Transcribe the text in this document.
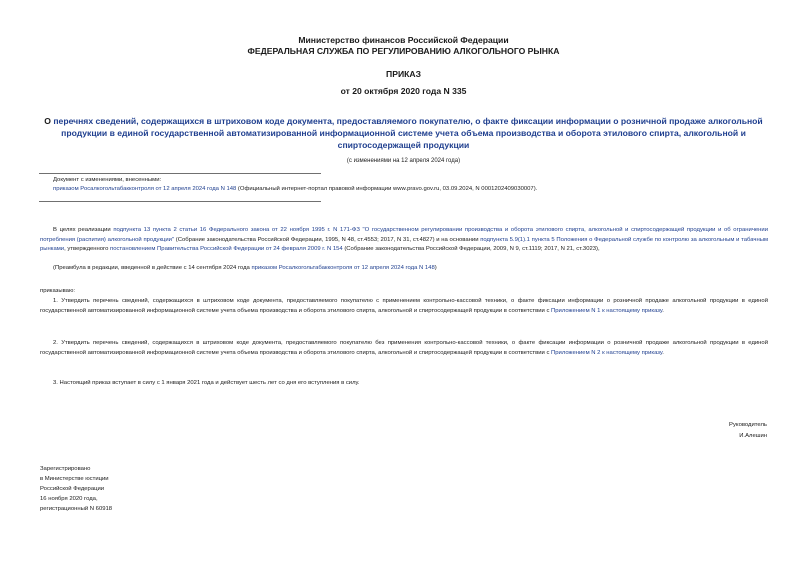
Министерство финансов Российской Федерации
ФЕДЕРАЛЬНАЯ СЛУЖБА ПО РЕГУЛИРОВАНИЮ АЛКОГОЛЬНОГО РЫНКА
ПРИКАЗ
от 20 октября 2020 года N 335
О перечнях сведений, содержащихся в штриховом коде документа, предоставляемого покупателю, о факте фиксации информации о розничной продаже алкогольной продукции в единой государственной автоматизированной информационной системе учета объема производства и оборота этилового спирта, алкогольной и спиртосодержащей продукции
(с изменениями на 12 апреля 2024 года)
Документ с изменениями, внесенными:
приказом Росалкогольтабакконтроля от 12 апреля 2024 года N 148 (Официальный интернет-портал правовой информации www.pravo.gov.ru, 03.09.2024, N 0001202409030007).
В целях реализации подпункта 13 пункта 2 статьи 16 Федерального закона от 22 ноября 1995 г. N 171-ФЗ "О государственном регулировании производства и оборота этилового спирта, алкогольной и спиртосодержащей продукции и об ограничении потребления (распития) алкогольной продукции" (Собрание законодательства Российской Федерации, 1995, N 48, ст.4553; 2017, N 31, ст.4827) и на основании подпункта 5.9(1).1 пункта 5 Положения о Федеральной службе по контролю за алкогольным и табачным рынками, утвержденного постановлением Правительства Российской Федерации от 24 февраля 2009 г. N 154 (Собрание законодательства Российской Федерации, 2009, N 9, ст.1119; 2017, N 21, ст.3023),
(Преамбула в редакции, введенной в действие с 14 сентября 2024 года приказом Росалкогольтабакконтроля от 12 апреля 2024 года N 148)
приказываю:
1. Утвердить перечень сведений, содержащихся в штриховом коде документа, предоставляемого покупателю с применением контрольно-кассовой техники, о факте фиксации информации о розничной продаже алкогольной продукции в единой государственной автоматизированной информационной системе учета объема производства и оборота этилового спирта, алкогольной и спиртосодержащей продукции в соответствии с Приложением N 1 к настоящему приказу.
2. Утвердить перечень сведений, содержащихся в штриховом коде документа, предоставляемого покупателю без применения контрольно-кассовой техники, о факте фиксации информации о розничной продаже алкогольной продукции в единой государственной автоматизированной информационной системе учета объема производства и оборота этилового спирта, алкогольной и спиртосодержащей продукции в соответствии с Приложением N 2 к настоящему приказу.
3. Настоящий приказ вступает в силу с 1 января 2021 года и действует шесть лет со дня его вступления в силу.
Руководитель
И.Алешин
Зарегистрировано
в Министерстве юстиции
Российской Федерации
16 ноября 2020 года,
регистрационный N 60918
